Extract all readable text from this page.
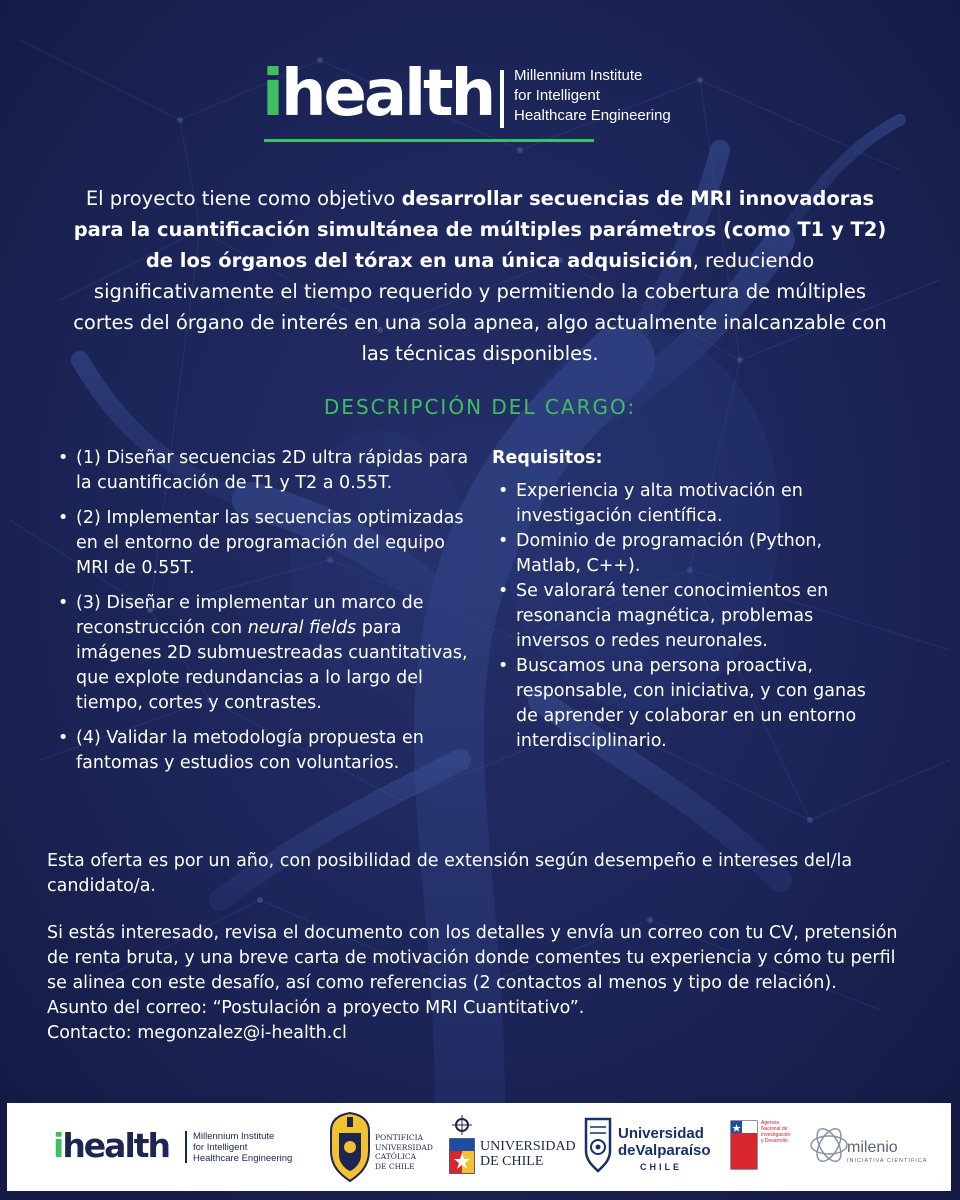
ihealth Millennium Institute
for Intelligent
Healthcare Engineering
El proyecto tiene como objetivo desarrollar secuencias de MRI innovadoras para la cuantificación simultánea de múltiples parámetros (como T1 y T2) de los órganos del tórax en una única adquisición, reduciendo significativamente el tiempo requerido y permitiendo la cobertura de múltiples cortes del órgano de interés en una sola apnea, algo actualmente inalcanzable con las técnicas disponibles.
DESCRIPCIÓN DEL CARGO:
• (1) Diseñar secuencias 2D ultra rápidas para la cuantificación de T1 y T2 a 0.55T.
• (2) Implementar las secuencias optimizadas en el entorno de programación del equipo MRI de 0.55T.
• (3) Diseñar e implementar un marco de reconstrucción con neural fields para imágenes 2D submuestreadas cuantitativas, que explote redundancias a lo largo del tiempo, cortes y contrastes.
• (4) Validar la metodología propuesta en fantomas y estudios con voluntarios.
Requisitos:
• Experiencia y alta motivación en investigación científica.
• Dominio de programación (Python, Matlab, C++).
• Se valorará tener conocimientos en resonancia magnética, problemas inversos o redes neuronales.
• Buscamos una persona proactiva, responsable, con iniciativa, y con ganas de aprender y colaborar en un entorno interdisciplinario.
Esta oferta es por un año, con posibilidad de extensión según desempeño e intereses del/la candidato/a.

Si estás interesado, revisa el documento con los detalles y envía un correo con tu CV, pretensión de renta bruta, y una breve carta de motivación donde comentes tu experiencia y cómo tu perfil se alinea con este desafío, así como referencias (2 contactos al menos y tipo de relación).

Asunto del correo: “Postulación a proyecto MRI Cuantitativo”.

Contacto: megonzalez@i-health.cl

ihealth	Millennium Institute
for Intelligent
Healthcare Engineering
PONTIFICIA
UNIVERSIDAD
CATÓLICA
DE CHILE
UNIVERSIDAD
DE CHILE
Universidad
deValparaíso
CHILE
Agencia
Nacional de
Investigación
y Desarrollo	milenio
INICIATIVA CIENTÍFICA
